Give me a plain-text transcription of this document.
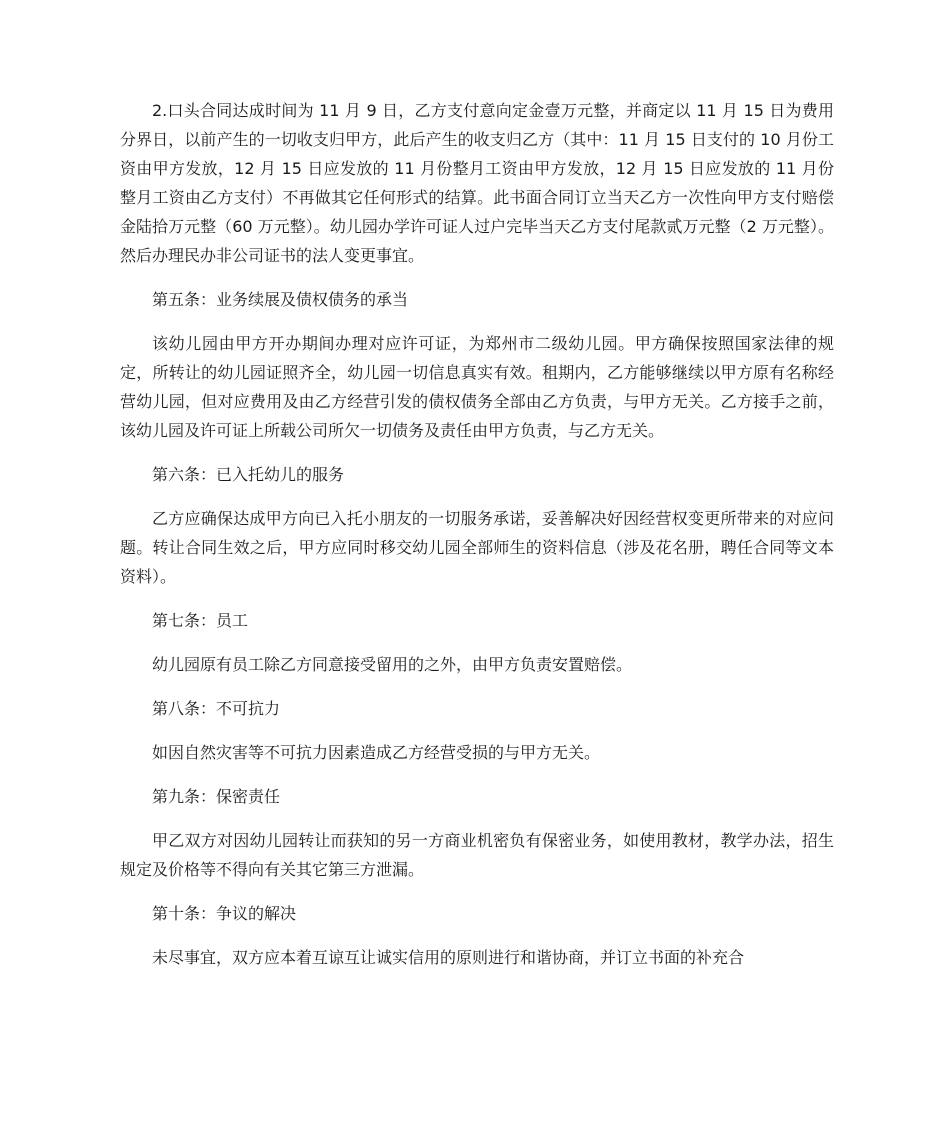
2.口头合同达成时间为 11 月 9 日，乙方支付意向定金壹万元整，并商定以 11 月 15 日为费用分界日，以前产生的一切收支归甲方，此后产生的收支归乙方（其中：11 月 15 日支付的 10 月份工资由甲方发放，12 月 15 日应发放的 11 月份整月工资由甲方发放，12 月 15 日应发放的 11 月份整月工资由乙方支付）不再做其它任何形式的结算。此书面合同订立当天乙方一次性向甲方支付赔偿金陆拾万元整（60 万元整）。幼儿园办学许可证人过户完毕当天乙方支付尾款贰万元整（2 万元整）。然后办理民办非公司证书的法人变更事宜。

第五条：业务续展及债权债务的承当

该幼儿园由甲方开办期间办理对应许可证，为郑州市二级幼儿园。甲方确保按照国家法律的规定，所转让的幼儿园证照齐全，幼儿园一切信息真实有效。租期内，乙方能够继续以甲方原有名称经营幼儿园，但对应费用及由乙方经营引发的债权债务全部由乙方负责，与甲方无关。乙方接手之前，该幼儿园及许可证上所载公司所欠一切债务及责任由甲方负责，与乙方无关。

第六条：已入托幼儿的服务

乙方应确保达成甲方向已入托小朋友的一切服务承诺，妥善解决好因经营权变更所带来的对应问题。转让合同生效之后，甲方应同时移交幼儿园全部师生的资料信息（涉及花名册，聘任合同等文本资料）。

第七条：员工

幼儿园原有员工除乙方同意接受留用的之外，由甲方负责安置赔偿。

第八条：不可抗力

如因自然灾害等不可抗力因素造成乙方经营受损的与甲方无关。

第九条：保密责任

甲乙双方对因幼儿园转让而获知的另一方商业机密负有保密业务，如使用教材，教学办法，招生规定及价格等不得向有关其它第三方泄漏。

第十条：争议的解决

未尽事宜，双方应本着互谅互让诚实信用的原则进行和谐协商，并订立书面的补充合
